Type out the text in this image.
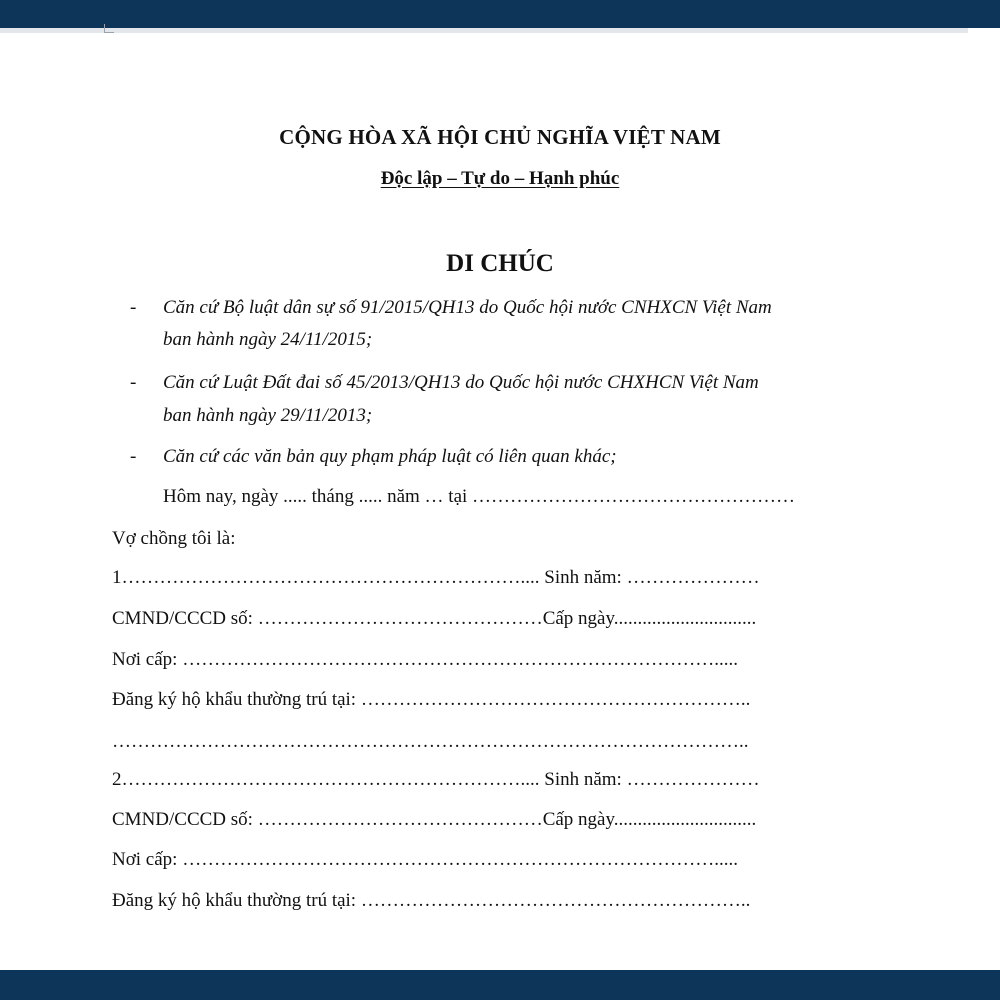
CỘNG HÒA XÃ HỘI CHỦ NGHĨA VIỆT NAM
Độc lập – Tự do – Hạnh phúc
DI CHÚC
- Căn cứ Bộ luật dân sự số 91/2015/QH13 do Quốc hội nước CNHXCN Việt Nam
ban hành ngày 24/11/2015;
- Căn cứ Luật Đất đai số 45/2013/QH13 do Quốc hội nước CHXHCN Việt Nam
ban hành ngày 29/11/2013;
- Căn cứ các văn bản quy phạm pháp luật có liên quan khác;
Hôm nay, ngày ..... tháng ..... năm … tại ……………………………………………
Vợ chồng tôi là:
1……………………………………………………….... Sinh năm: …………………
CMND/CCCD số: ………………………………………Cấp ngày..............................
Nơi cấp: ………………………………………………………………………….....
Đăng ký hộ khẩu thường trú tại: ……………………………………………………..
………………………………………………………………………………………..
2……………………………………………………….... Sinh năm: …………………
CMND/CCCD số: ………………………………………Cấp ngày..............................
Nơi cấp: ………………………………………………………………………….....
Đăng ký hộ khẩu thường trú tại: ……………………………………………………..
